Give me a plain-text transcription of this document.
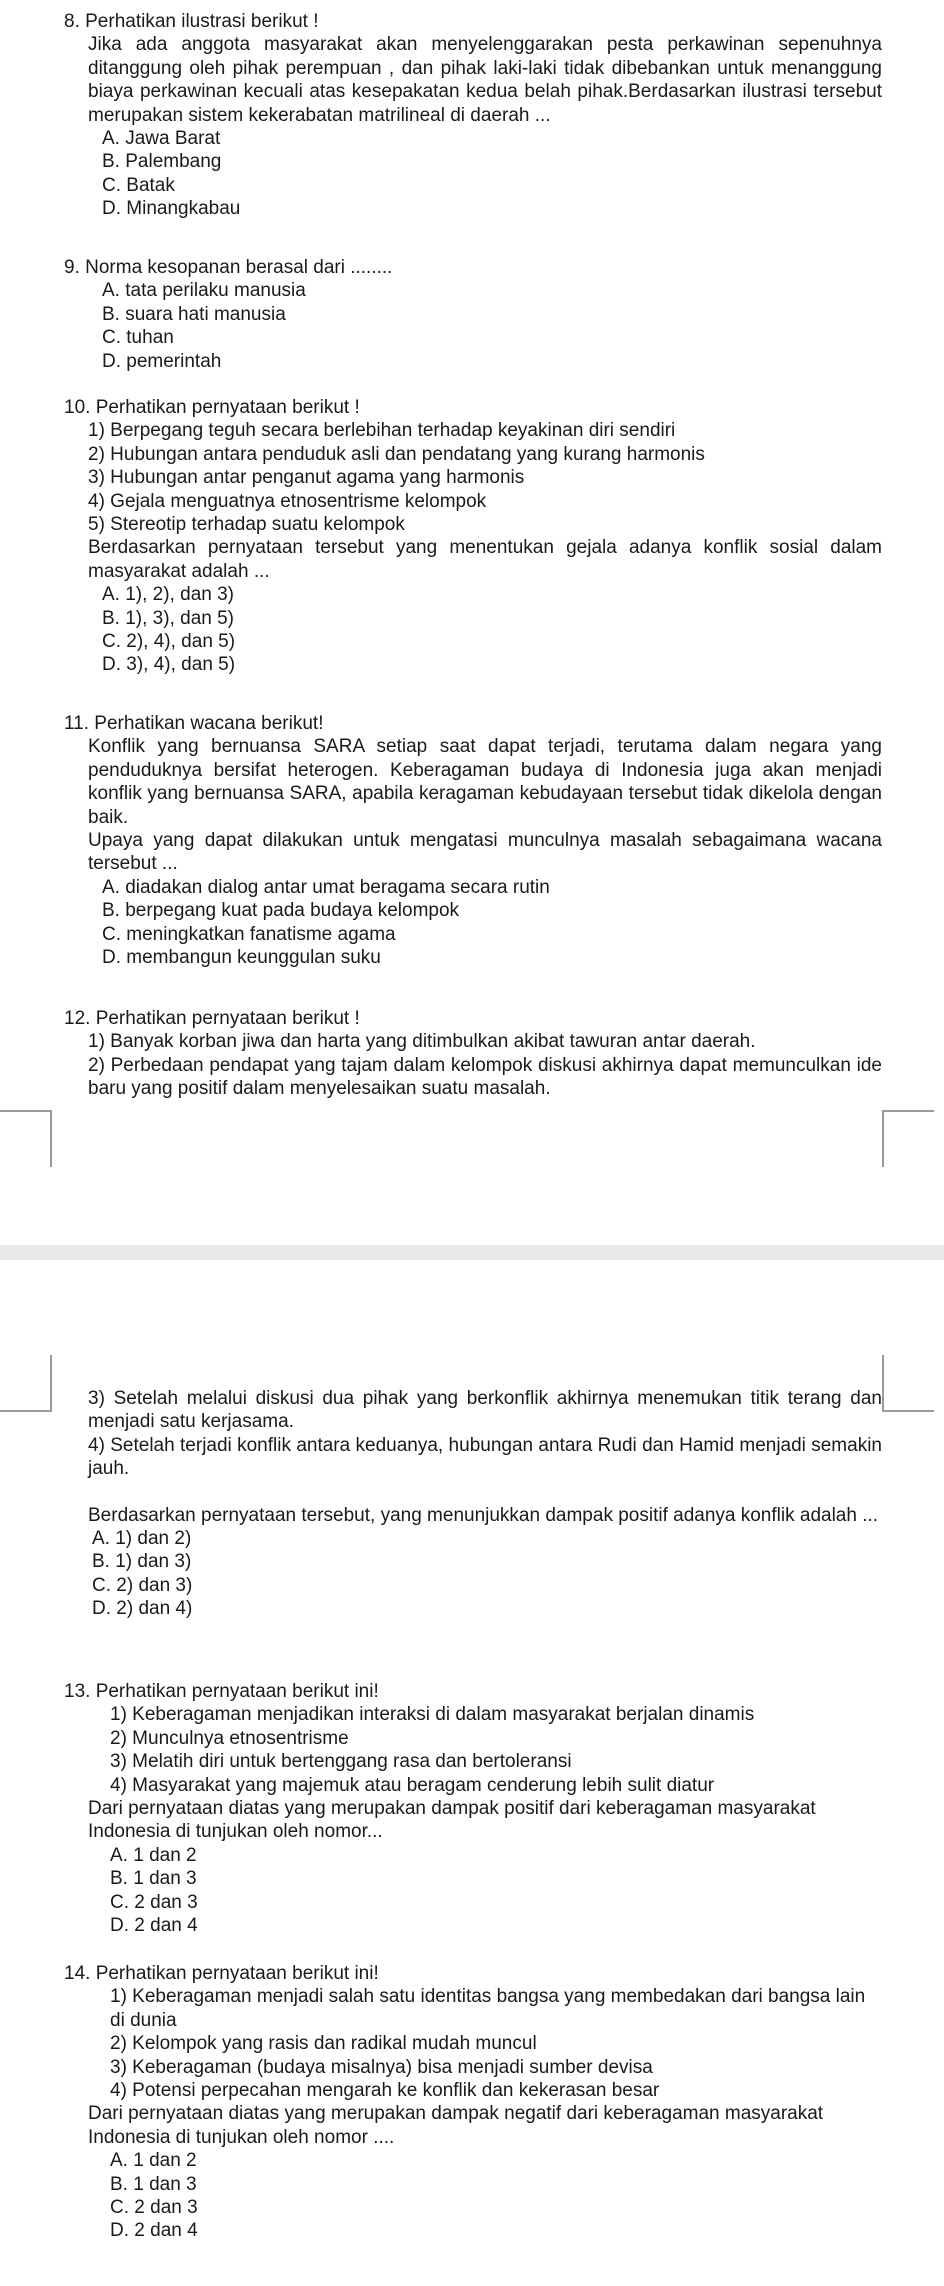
8. Perhatikan ilustrasi berikut !

Jika ada anggota masyarakat akan menyelenggarakan pesta perkawinan sepenuhnya ditanggung oleh pihak perempuan , dan pihak laki-laki tidak dibebankan untuk menanggung biaya perkawinan kecuali atas kesepakatan kedua belah pihak.Berdasarkan ilustrasi tersebut merupakan sistem kekerabatan matrilineal di daerah ...

A. Jawa Barat
B. Palembang
C. Batak
D. Minangkabau
9. Norma kesopanan berasal dari ........
A. tata perilaku manusia
B. suara hati manusia
C. tuhan
D. pemerintah
10. Perhatikan pernyataan berikut !
1) Berpegang teguh secara berlebihan terhadap keyakinan diri sendiri
2) Hubungan antara penduduk asli dan pendatang yang kurang harmonis
3) Hubungan antar penganut agama yang harmonis
4) Gejala menguatnya etnosentrisme kelompok
5) Stereotip terhadap suatu kelompok

Berdasarkan pernyataan tersebut yang menentukan gejala adanya konflik sosial dalam masyarakat adalah ...

A. 1), 2), dan 3)
B. 1), 3), dan 5)
C. 2), 4), dan 5)
D. 3), 4), dan 5)
11. Perhatikan wacana berikut!

Konflik yang bernuansa SARA setiap saat dapat terjadi, terutama dalam negara yang penduduknya bersifat heterogen. Keberagaman budaya di Indonesia juga akan menjadi konflik yang bernuansa SARA, apabila keragaman kebudayaan tersebut tidak dikelola dengan baik.

Upaya yang dapat dilakukan untuk mengatasi munculnya masalah sebagaimana wacana tersebut ...

A. diadakan dialog antar umat beragama secara rutin
B. berpegang kuat pada budaya kelompok
C. meningkatkan fanatisme agama
D. membangun keunggulan suku
12. Perhatikan pernyataan berikut !

1) Banyak korban jiwa dan harta yang ditimbulkan akibat tawuran antar daerah.

2) Perbedaan pendapat yang tajam dalam kelompok diskusi akhirnya dapat memunculkan ide baru yang positif dalam menyelesaikan suatu masalah.

3) Setelah melalui diskusi dua pihak yang berkonflik akhirnya menemukan titik terang dan menjadi satu kerjasama.

4) Setelah terjadi konflik antara keduanya, hubungan antara Rudi dan Hamid menjadi semakin jauh.

Berdasarkan pernyataan tersebut, yang menunjukkan dampak positif adanya konflik adalah ...

A. 1) dan 2)
B. 1) dan 3)
C. 2) dan 3)
D. 2) dan 4)
13. Perhatikan pernyataan berikut ini!
1) Keberagaman menjadikan interaksi di dalam masyarakat berjalan dinamis
2) Munculnya etnosentrisme
3) Melatih diri untuk bertenggang rasa dan bertoleransi
4) Masyarakat yang majemuk atau beragam cenderung lebih sulit diatur

Dari pernyataan diatas yang merupakan dampak positif dari keberagaman masyarakat Indonesia di tunjukan oleh nomor...

A. 1 dan 2
B. 1 dan 3
C. 2 dan 3
D. 2 dan 4
14. Perhatikan pernyataan berikut ini!
1) Keberagaman menjadi salah satu identitas bangsa yang membedakan dari bangsa lain di dunia
2) Kelompok yang rasis dan radikal mudah muncul
3) Keberagaman (budaya misalnya) bisa menjadi sumber devisa
4) Potensi perpecahan mengarah ke konflik dan kekerasan besar

Dari pernyataan diatas yang merupakan dampak negatif dari keberagaman masyarakat Indonesia di tunjukan oleh nomor ....

A. 1 dan 2
B. 1 dan 3
C. 2 dan 3
D. 2 dan 4
